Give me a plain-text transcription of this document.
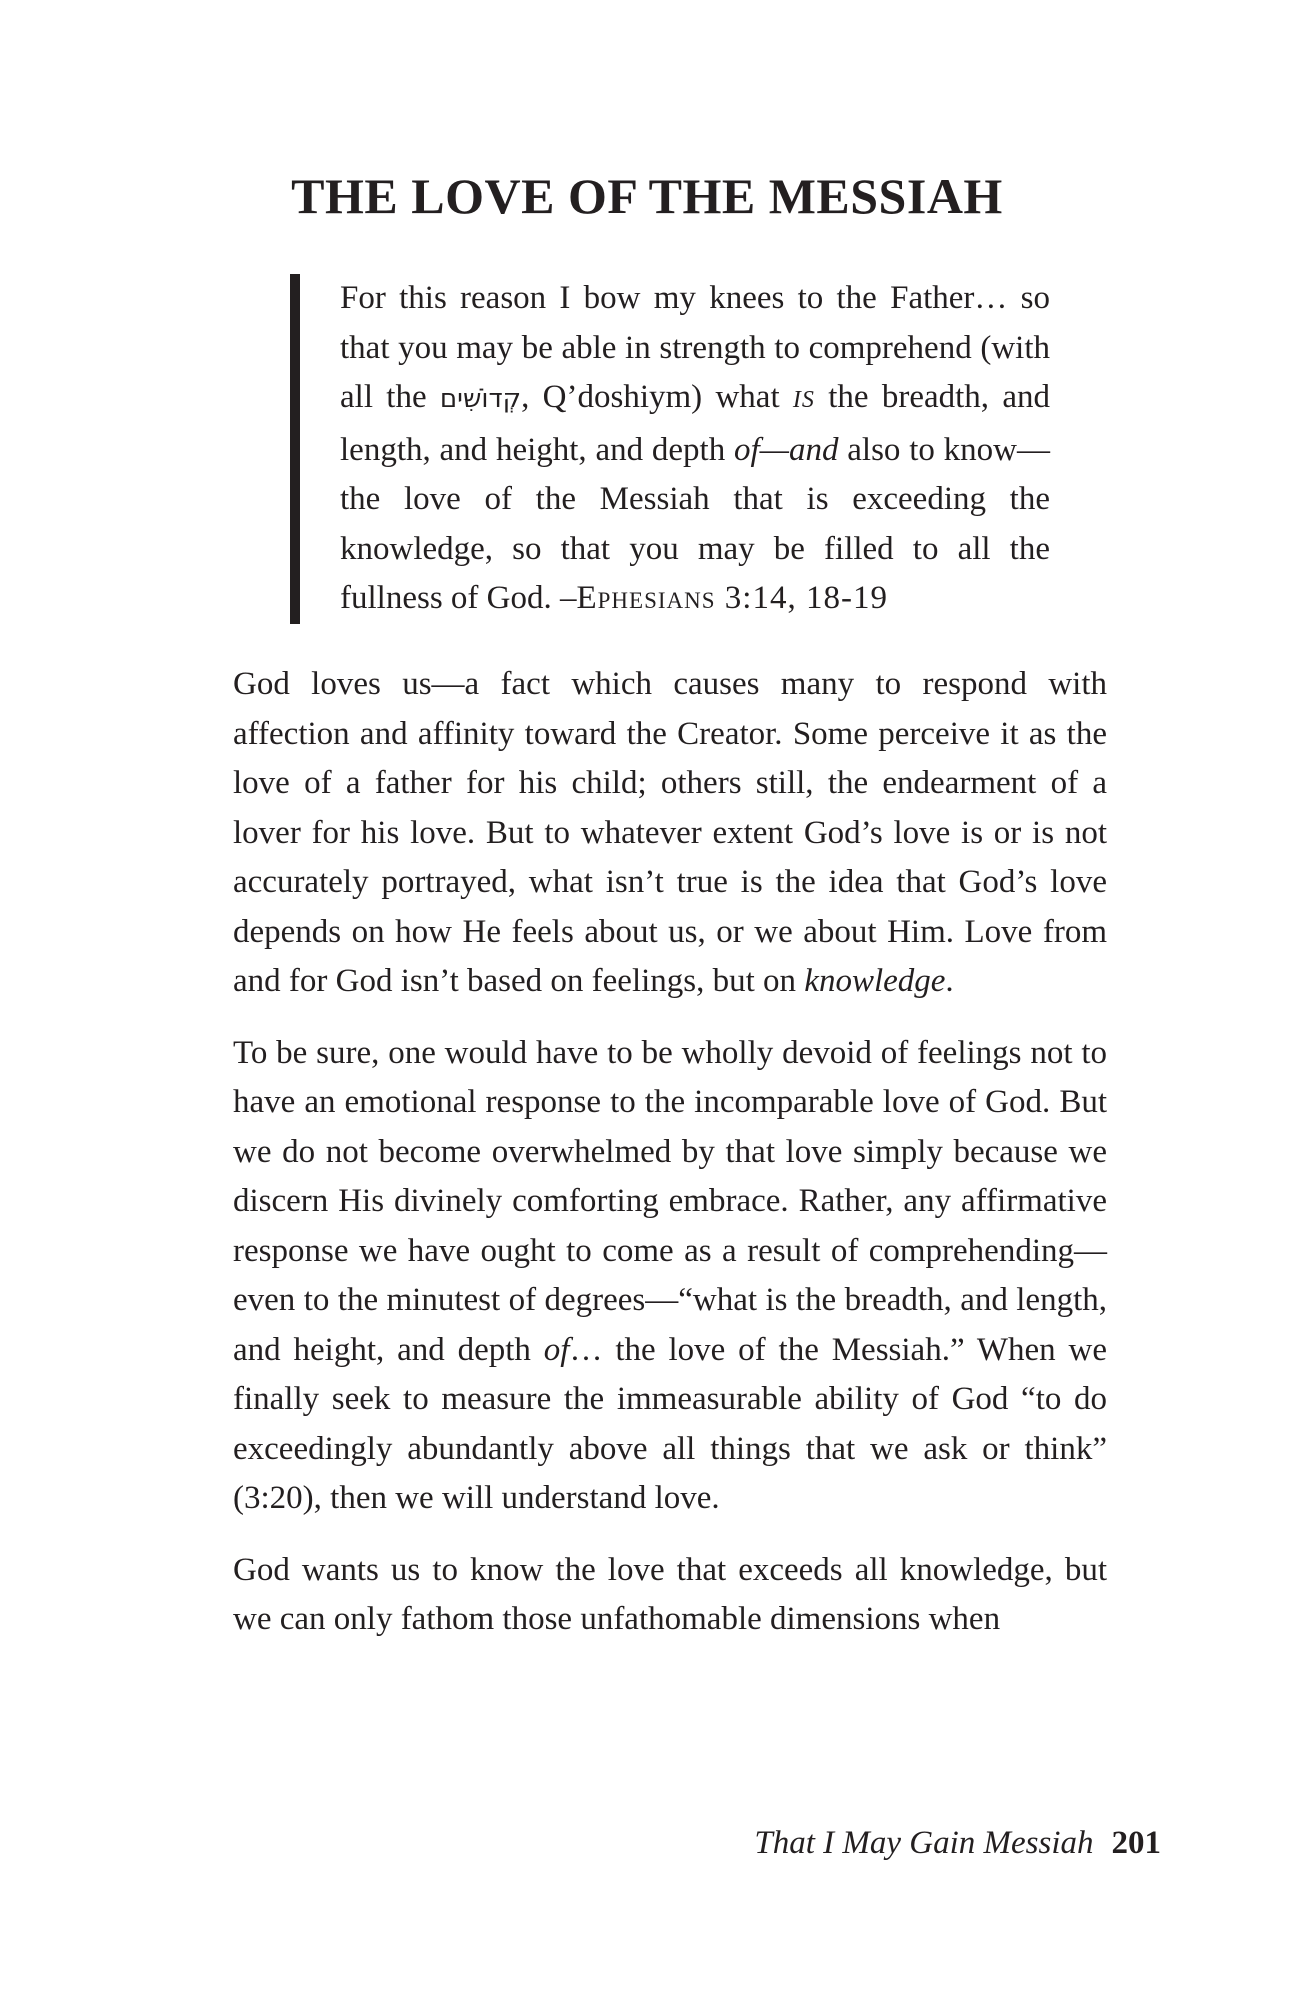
THE LOVE OF THE MESSIAH

For this reason I bow my knees to the Father… so that you may be able in strength to comprehend (with all the קְדוֹשִׁים, Q’doshiym) what IS the breadth, and length, and height, and depth of—and also to know—the love of the Messiah that is exceeding the knowledge, so that you may be filled to all the fullness of God. –Ephesians 3:14, 18-19

God loves us—a fact which causes many to respond with affection and affinity toward the Creator. Some perceive it as the love of a father for his child; others still, the endearment of a lover for his love. But to whatever extent God’s love is or is not accurately portrayed, what isn’t true is the idea that God’s love depends on how He feels about us, or we about Him. Love from and for God isn’t based on feelings, but on knowledge.

To be sure, one would have to be wholly devoid of feelings not to have an emotional response to the incomparable love of God. But we do not become overwhelmed by that love simply because we discern His divinely comforting embrace. Rather, any affirmative response we have ought to come as a result of comprehending—even to the minutest of degrees—“what is the breadth, and length, and height, and depth of… the love of the Messiah.” When we finally seek to measure the immeasurable ability of God “to do exceedingly abundantly above all things that we ask or think” (3:20), then we will understand love.

God wants us to know the love that exceeds all knowledge, but we can only fathom those unfathomable dimensions when

That I May Gain Messiah 201
